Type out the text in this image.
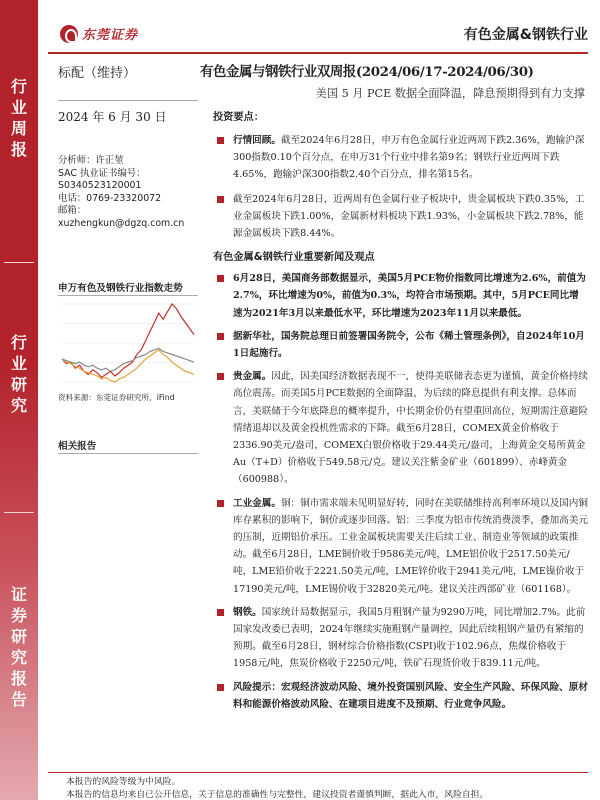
行
业
周
报
行
业
研
究
证
券
研
究
报
告
东莞证券	有色金属&钢铁行业
标配（维持）	有色金属与钢铁行业双周报(2024/06/17-2024/06/30)
美国 5 月 PCE 数据全面降温，降息预期得到有力支撑
2024 年 6 月 30 日
分析师：许正堃
SAC 执业证书编号：
S0340523120001
电话：0769-23320072
邮箱：
xuzhengkun@dgzq.com.cn
申万有色及钢铁行业指数走势
资料来源：东莞证券研究所，iFind
相关报告
投资要点：
行情回顾。截至2024年6月28日，申万有色金属行业近两周下跌2.36%，跑输沪深300指数0.10个百分点，在申万31个行业中排名第9名；钢铁行业近两周下跌4.65%，跑输沪深300指数2.40个百分点，排名第15名。
截至2024年6月28日，近两周有色金属行业子板块中，贵金属板块下跌0.35%，工业金属板块下跌1.00%，金属新材料板块下跌1.93%，小金属板块下跌2.78%，能源金属板块下跌8.44%。
有色金属&钢铁行业重要新闻及观点
6月28日，美国商务部数据显示，美国5月PCE物价指数同比增速为2.6%，前值为2.7%，环比增速为0%，前值为0.3%，均符合市场预期。其中，5月PCE同比增速为2021年3月以来最低水平，环比增速为2023年11月以来最低。
据新华社，国务院总理日前签署国务院令，公布《稀土管理条例》，自2024年10月1日起施行。
贵金属。因此，因美国经济数据表现不一，使得美联储表态更为谨慎，黄金价格持续高位震荡。而美国5月PCE数据的全面降温，为后续的降息提供有利支撑。总体而言，美联储于今年底降息的概率提升，中长期金价仍有望重回高位，短期需注意避险情绪退却以及黄金投机性需求的下降。截至6月28日，COMEX黄金价格收于2336.90美元/盎司，COMEX白银价格收于29.44美元/盎司，上海黄金交易所黄金Au（T+D）价格收于549.58元/克。建议关注紫金矿业（601899）、赤峰黄金（600988）。
工业金属。铜：铜市需求端未见明显好转，同时在美联储维持高利率环境以及国内铜库存累积的影响下，铜价或逐步回落。铝：三季度为铝市传统消费淡季，叠加高美元的压制，近期铝价承压。工业金属板块需要关注后续工业、制造业等领域的政策推动。截至6月28日，LME铜价收于9586美元/吨，LME铝价收于2517.50美元/吨，LME铅价收于2221.50美元/吨，LME锌价收于2941美元/吨，LME镍价收于17190美元/吨，LME锡价收于32820美元/吨。建议关注西部矿业（601168）。
钢铁。国家统计局数据显示，我国5月粗钢产量为9290万吨，同比增加2.7%。此前国家发改委已表明，2024年继续实施粗钢产量调控，因此后续粗钢产量仍有紧缩的预期。截至6月28日，钢材综合价格指数(CSPI)收于102.96点，焦煤价格收于1958元/吨，焦炭价格收于2250元/吨，铁矿石现货价收于839.11元/吨。
风险提示：宏观经济波动风险、境外投资国别风险、安全生产风险、环保风险、原材料和能源价格波动风险、在建项目进度不及预期、行业竞争风险。
本报告的风险等级为中风险。
本报告的信息均来自已公开信息，关于信息的准确性与完整性，建议投资者谨慎判断，据此入市，风险自担。
